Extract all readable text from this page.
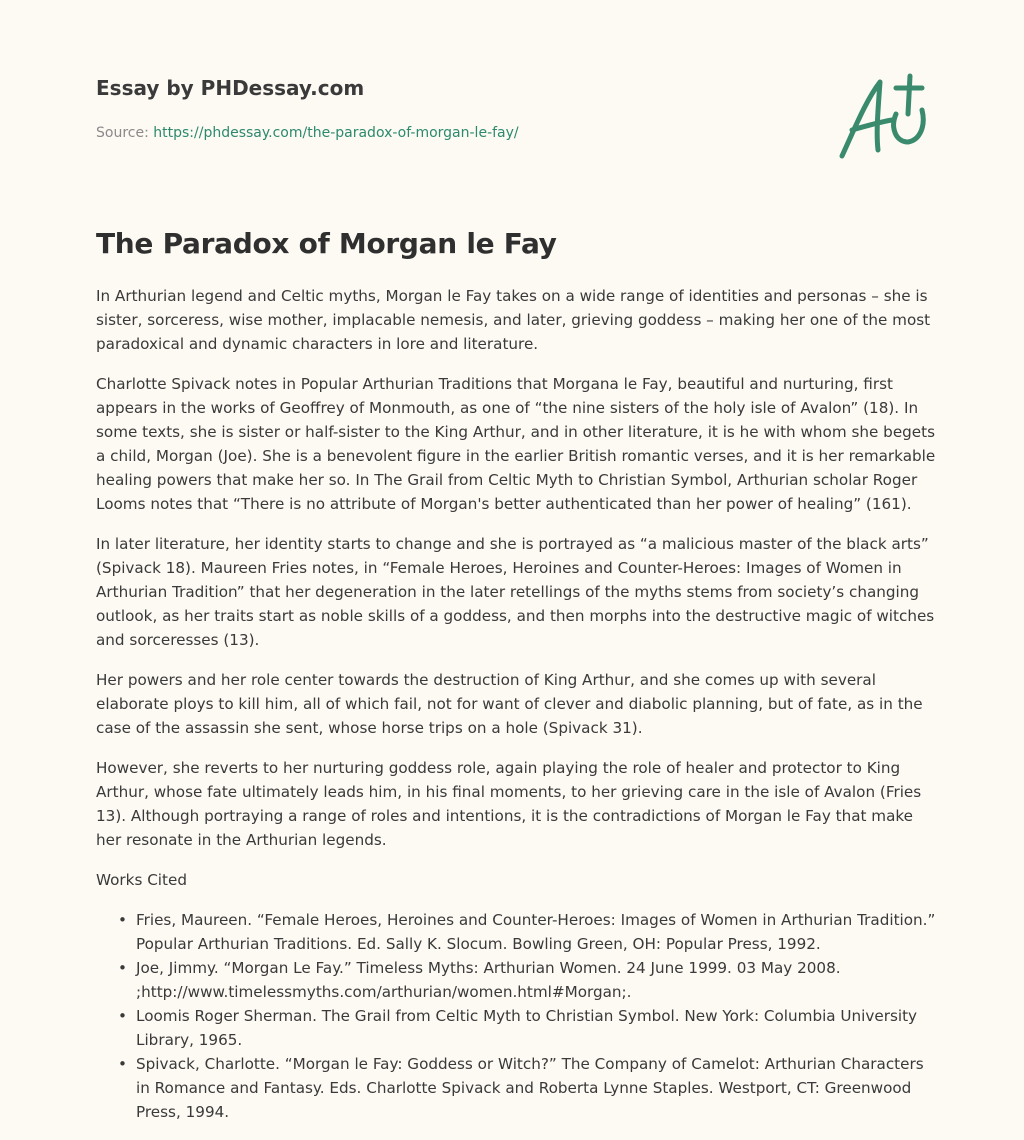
Essay by PHDessay.com
Source: https://phdessay.com/the-paradox-of-morgan-le-fay/
The Paradox of Morgan le Fay

In Arthurian legend and Celtic myths, Morgan le Fay takes on a wide range of identities and personas – she is sister, sorceress, wise mother, implacable nemesis, and later, grieving goddess – making her one of the most paradoxical and dynamic characters in lore and literature.

Charlotte Spivack notes in Popular Arthurian Traditions that Morgana le Fay, beautiful and nurturing, first appears in the works of Geoffrey of Monmouth, as one of “the nine sisters of the holy isle of Avalon” (18). In some texts, she is sister or half-sister to the King Arthur, and in other literature, it is he with whom she begets a child, Morgan (Joe). She is a benevolent figure in the earlier British romantic verses, and it is her remarkable healing powers that make her so. In The Grail from Celtic Myth to Christian Symbol, Arthurian scholar Roger Looms notes that “There is no attribute of Morgan's better authenticated than her power of healing” (161).

In later literature, her identity starts to change and she is portrayed as “a malicious master of the black arts” (Spivack 18). Maureen Fries notes, in “Female Heroes, Heroines and Counter-Heroes: Images of Women in Arthurian Tradition” that her degeneration in the later retellings of the myths stems from society’s changing outlook, as her traits start as noble skills of a goddess, and then morphs into the destructive magic of witches and sorceresses (13).

Her powers and her role center towards the destruction of King Arthur, and she comes up with several elaborate ploys to kill him, all of which fail, not for want of clever and diabolic planning, but of fate, as in the case of the assassin she sent, whose horse trips on a hole (Spivack 31).

However, she reverts to her nurturing goddess role, again playing the role of healer and protector to King Arthur, whose fate ultimately leads him, in his final moments, to her grieving care in the isle of Avalon (Fries 13). Although portraying a range of roles and intentions, it is the contradictions of Morgan le Fay that make her resonate in the Arthurian legends.

Works Cited

• Fries, Maureen. “Female Heroes, Heroines and Counter-Heroes: Images of Women in Arthurian Tradition.” Popular Arthurian Traditions. Ed. Sally K. Slocum. Bowling Green, OH: Popular Press, 1992.
• Joe, Jimmy. “Morgan Le Fay.” Timeless Myths: Arthurian Women. 24 June 1999. 03 May 2008. ;http://www.timelessmyths.com/arthurian/women.html#Morgan;.
• Loomis Roger Sherman. The Grail from Celtic Myth to Christian Symbol. New York: Columbia University Library, 1965.
• Spivack, Charlotte. “Morgan le Fay: Goddess or Witch?” The Company of Camelot: Arthurian Characters in Romance and Fantasy. Eds. Charlotte Spivack and Roberta Lynne Staples. Westport, CT: Greenwood Press, 1994.
